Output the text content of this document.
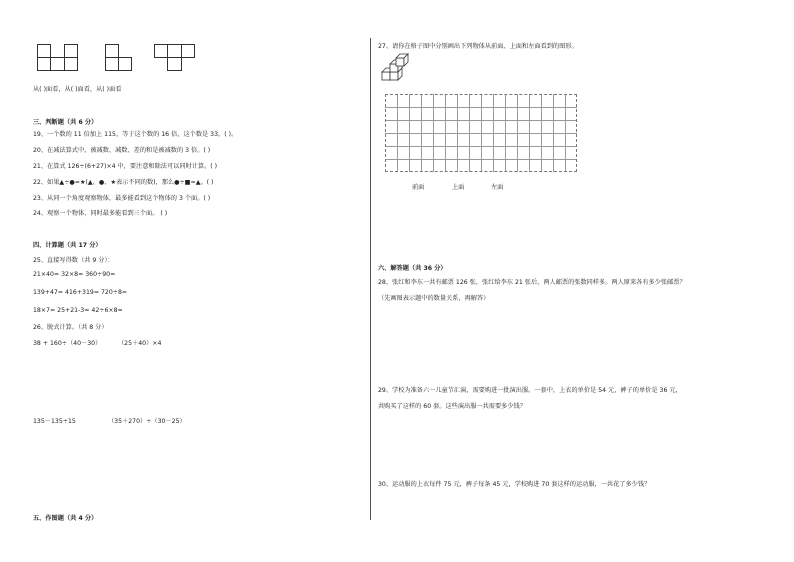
从( )面看，从( )面看，从( )面看
三、判断题（共 6 分）
19、一个数的 11 倍加上 115，等于这个数的 16 倍，这个数是 33。( )。
20、在减法算式中，被减数、减数、差的和是被减数的 3 倍。( )
21、在算式 126÷(6+27)×4 中，要注意和除法可以同时计算。( )
22、如果▲÷●=★(▲、●、★表示不同的数)，那么●÷■=▲。( )
23、从同一个角度观察物体，最多能看到这个物体的 3 个面。( )
24、观察一个物体，同时最多能看到三个面。 ( )
四、计算题（共 17 分）
25、直接写得数（共 9 分）：
21×40= 32×8= 360÷90=
139+47= 416+319= 720÷8=
18×7= 25+21-3= 42÷6×8=
26、脱式计算。（共 8 分）
38 + 160÷（40－30）	（25＋40）×4
135－135÷15	（35＋270）÷（30－25）
五、作图题（共 4 分）
27、请你在格子图中分别画出下列物体从前面、上面和左面看到的图形。
前面	上面	左面
六、解答题（共 36 分）
28、张红和李东一共有邮票 126 张，张红给李东 21 张后，两人邮票的张数同样多。两人原来各有多少张邮票？
（先画图表示题中的数量关系，再解答）
29、学校为准备六一儿童节汇演，需要购进一批演出服。一套中，上衣的单价是 54 元，裤子的单价是 36 元，
共购买了这样的 60 套。这些演出服一共需要多少钱？
30、运动服的上衣每件 75 元，裤子每条 45 元，学校购进 70 套这样的运动服，一共花了多少钱？
